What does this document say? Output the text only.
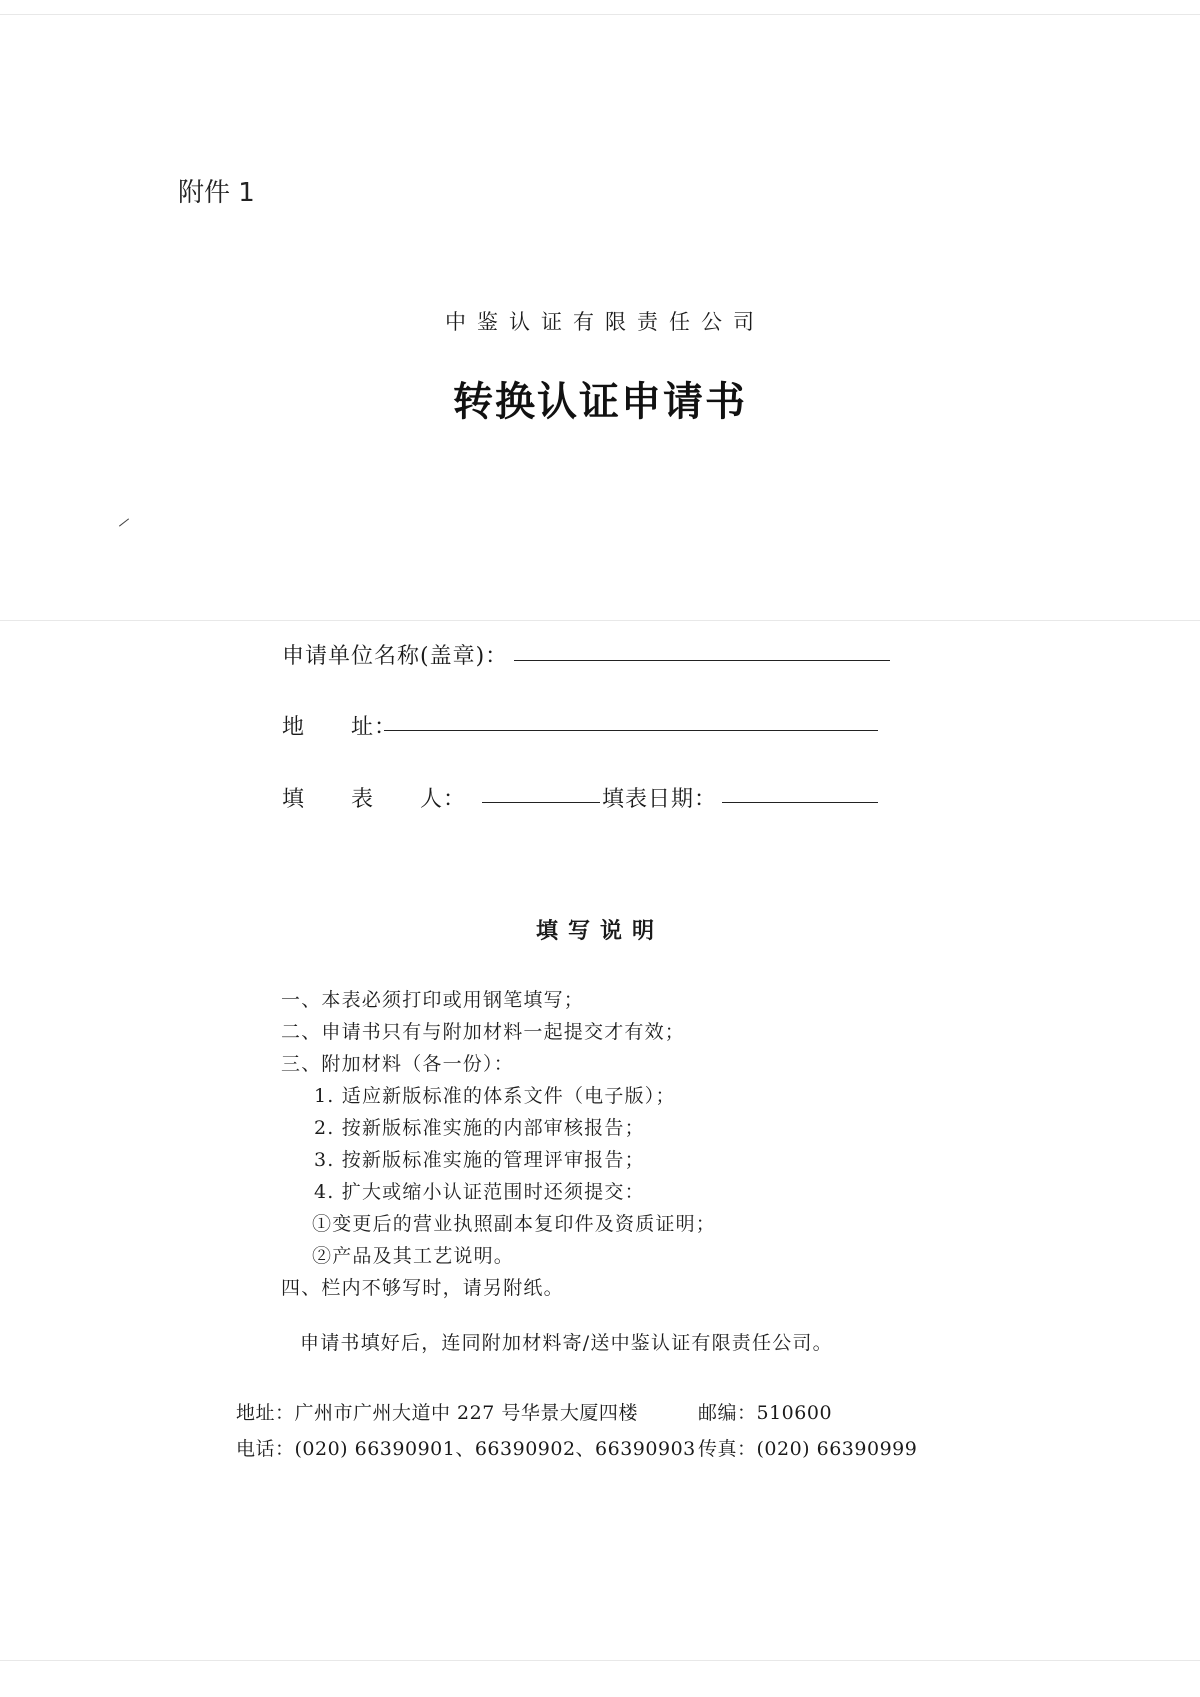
附件 1
中鉴认证有限责任公司
转换认证申请书
申请单位名称(盖章)：
地　　址：
填　　表　　人：	填表日期：
填写说明
一、本表必须打印或用钢笔填写；
二、申请书只有与附加材料一起提交才有效；
三、附加材料（各一份）：
1. 适应新版标准的体系文件（电子版）；
2. 按新版标准实施的内部审核报告；
3. 按新版标准实施的管理评审报告；
4. 扩大或缩小认证范围时还须提交：
①变更后的营业执照副本复印件及资质证明；
②产品及其工艺说明。
四、栏内不够写时，请另附纸。
申请书填好后，连同附加材料寄/送中鉴认证有限责任公司。
地址：广州市广州大道中 227 号华景大厦四楼	邮编：510600
电话：(020) 66390901、66390902、66390903 传真：(020) 66390999
